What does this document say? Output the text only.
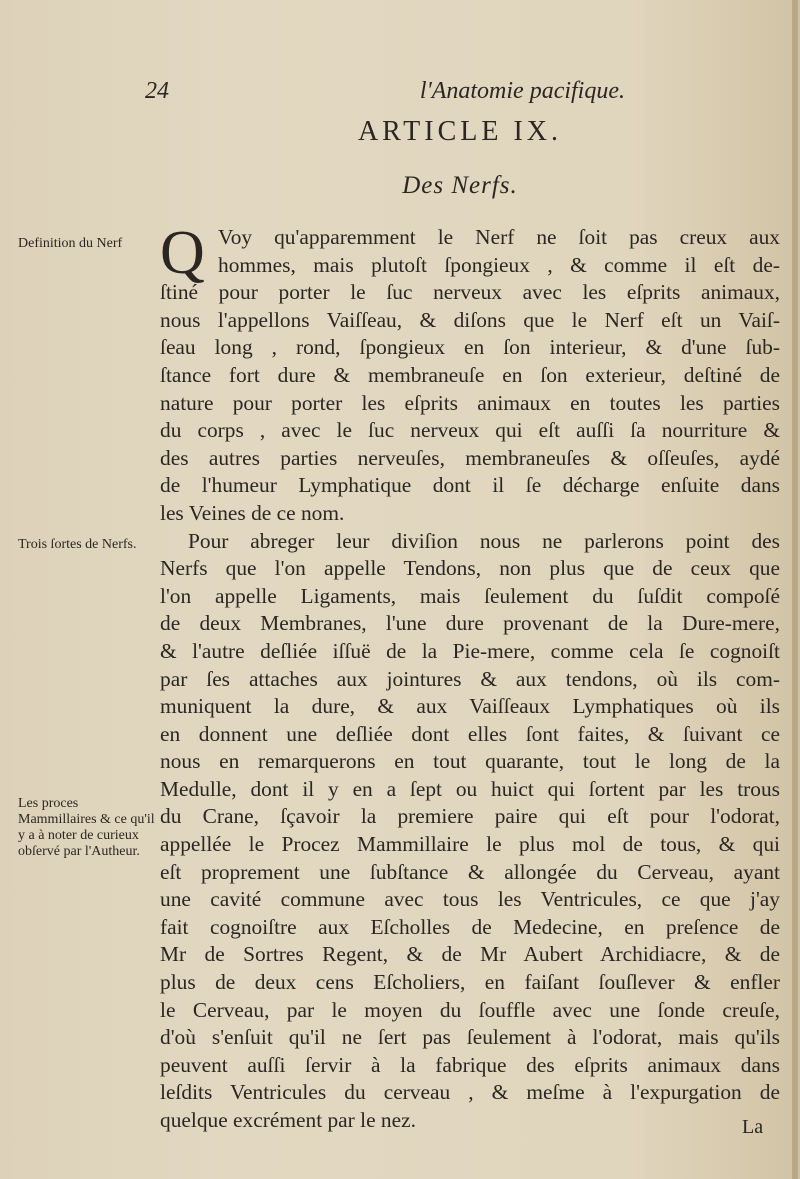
24	l'Anatomie pacifique.
ARTICLE IX.
Des Nerfs.
Definition du Nerf
Trois ſortes de Nerfs.
Les proces Mammillaires & ce qu'il y a à noter de curieux obſervé par l'Autheur.
Q Voy qu'apparemment le Nerf ne ſoit pas creux aux
hommes, mais plutoſt ſpongieux , & comme il eſt de-
ſtiné pour porter le ſuc nerveux avec les eſprits animaux,
nous l'appellons Vaiſſeau, & diſons que le Nerf eſt un Vaiſ-
ſeau long , rond, ſpongieux en ſon interieur, & d'une ſub-
ſtance fort dure & membraneuſe en ſon exterieur, deſtiné de
nature pour porter les eſprits animaux en toutes les parties
du corps , avec le ſuc nerveux qui eſt auſſi ſa nourriture &
des autres parties nerveuſes, membraneuſes & oſſeuſes, aydé
de l'humeur Lymphatique dont il ſe décharge enſuite dans
les Veines de ce nom.
Pour abreger leur diviſion nous ne parlerons point des
Nerfs que l'on appelle Tendons, non plus que de ceux que
l'on appelle Ligaments, mais ſeulement du ſuſdit compoſé
de deux Membranes, l'une dure provenant de la Dure-mere,
& l'autre deſliée iſſuë de la Pie-mere, comme cela ſe cognoiſt
par ſes attaches aux jointures & aux tendons, où ils com-
muniquent la dure, & aux Vaiſſeaux Lymphatiques où ils
en donnent une deſliée dont elles ſont faites, & ſuivant ce
nous en remarquerons en tout quarante, tout le long de la
Medulle, dont il y en a ſept ou huict qui ſortent par les trous
du Crane, ſçavoir la premiere paire qui eſt pour l'odorat,
appellée le Procez Mammillaire le plus mol de tous, & qui
eſt proprement une ſubſtance & allongée du Cerveau, ayant
une cavité commune avec tous les Ventricules, ce que j'ay
fait cognoiſtre aux Eſcholles de Medecine, en preſence de
Mr de Sortres Regent, & de Mr Aubert Archidiacre, & de
plus de deux cens Eſcholiers, en faiſant ſouſlever & enfler
le Cerveau, par le moyen du ſouffle avec une ſonde creuſe,
d'où s'enſuit qu'il ne ſert pas ſeulement à l'odorat, mais qu'ils
peuvent auſſi ſervir à la fabrique des eſprits animaux dans
leſdits Ventricules du cerveau , & meſme à l'expurgation de
quelque excrément par le nez.	La
